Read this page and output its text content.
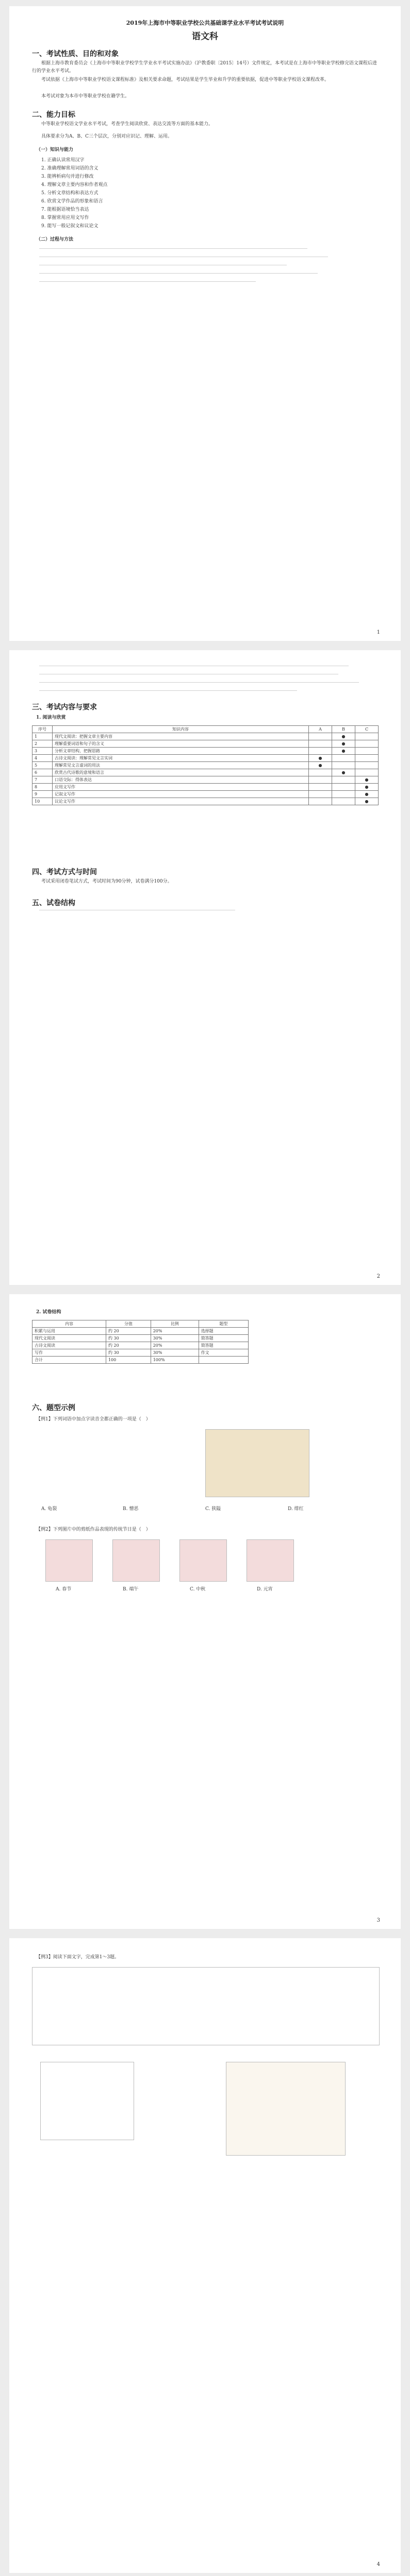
2019年上海市中等职业学校公共基础课学业水平考试考试说明
语文科
一、考试性质、目的和对象
根据上海市教育委员会《上海市中等职业学校学生学业水平考试实施办法》（沪教委职〔2015〕14号）文件规定，本考试是在上海市中等职业学校修完语文课程后进行的学业水平考试。
考试依据《上海市中等职业学校语文课程标准》及相关要求命题，考试结果是学生毕业和升学的重要依据，促进中等职业学校语文课程改革。
本考试对象为本市中等职业学校在籍学生。
二、能力目标
中等职业学校语文学业水平考试，考查学生阅读欣赏、表达交流等方面的基本能力。
具体要求分为A、B、C三个层次，分别对应识记、理解、运用。
（一）知识与能力
1. 正确认读常用汉字
2. 准确理解常用词语的含义
3. 能辨析病句并进行修改
4. 理解文章主要内容和作者观点
5. 分析文章结构和表达方式
6. 欣赏文学作品的形象和语言
7. 能根据语境恰当表达
8. 掌握常用应用文写作
9. 能写一般记叙文和议论文
（二）过程与方法
1
三、考试内容与要求
1. 阅读与欣赏
序号	知识内容	A	B	C
1	现代文阅读：把握文章主要内容		●	
2	理解重要词语和句子的含义		●	
3	分析文章结构，把握思路		●	
4	古诗文阅读：理解常见文言实词	●		
5	理解常见文言虚词的用法	●		
6	欣赏古代诗歌的意境和语言		●	
7	口语交际：得体表达			●
8	应用文写作			●
9	记叙文写作			●
10	议论文写作			●
四、考试方式与时间
考试采用闭卷笔试方式，考试时间为90分钟，试卷满分100分。
五、试卷结构
2
2. 试卷结构
内容	分值	比例	题型
积累与运用	约 20	20%	选择题
现代文阅读	约 30	30%	简答题
古诗文阅读	约 20	20%	简答题
写作	约 30	30%	作文
合计	100	100%	
六、题型示例
【例1】下列词语中加点字读音全都正确的一项是（　）
A. 龟裂	B. 憎恶	C. 狭隘	D. 绯红
【例2】下列图片中的剪纸作品表现的传统节日是（　）
A. 春节	B. 端午	C. 中秋	D. 元宵
3
【例3】阅读下面文字，完成第1～3题。
4
